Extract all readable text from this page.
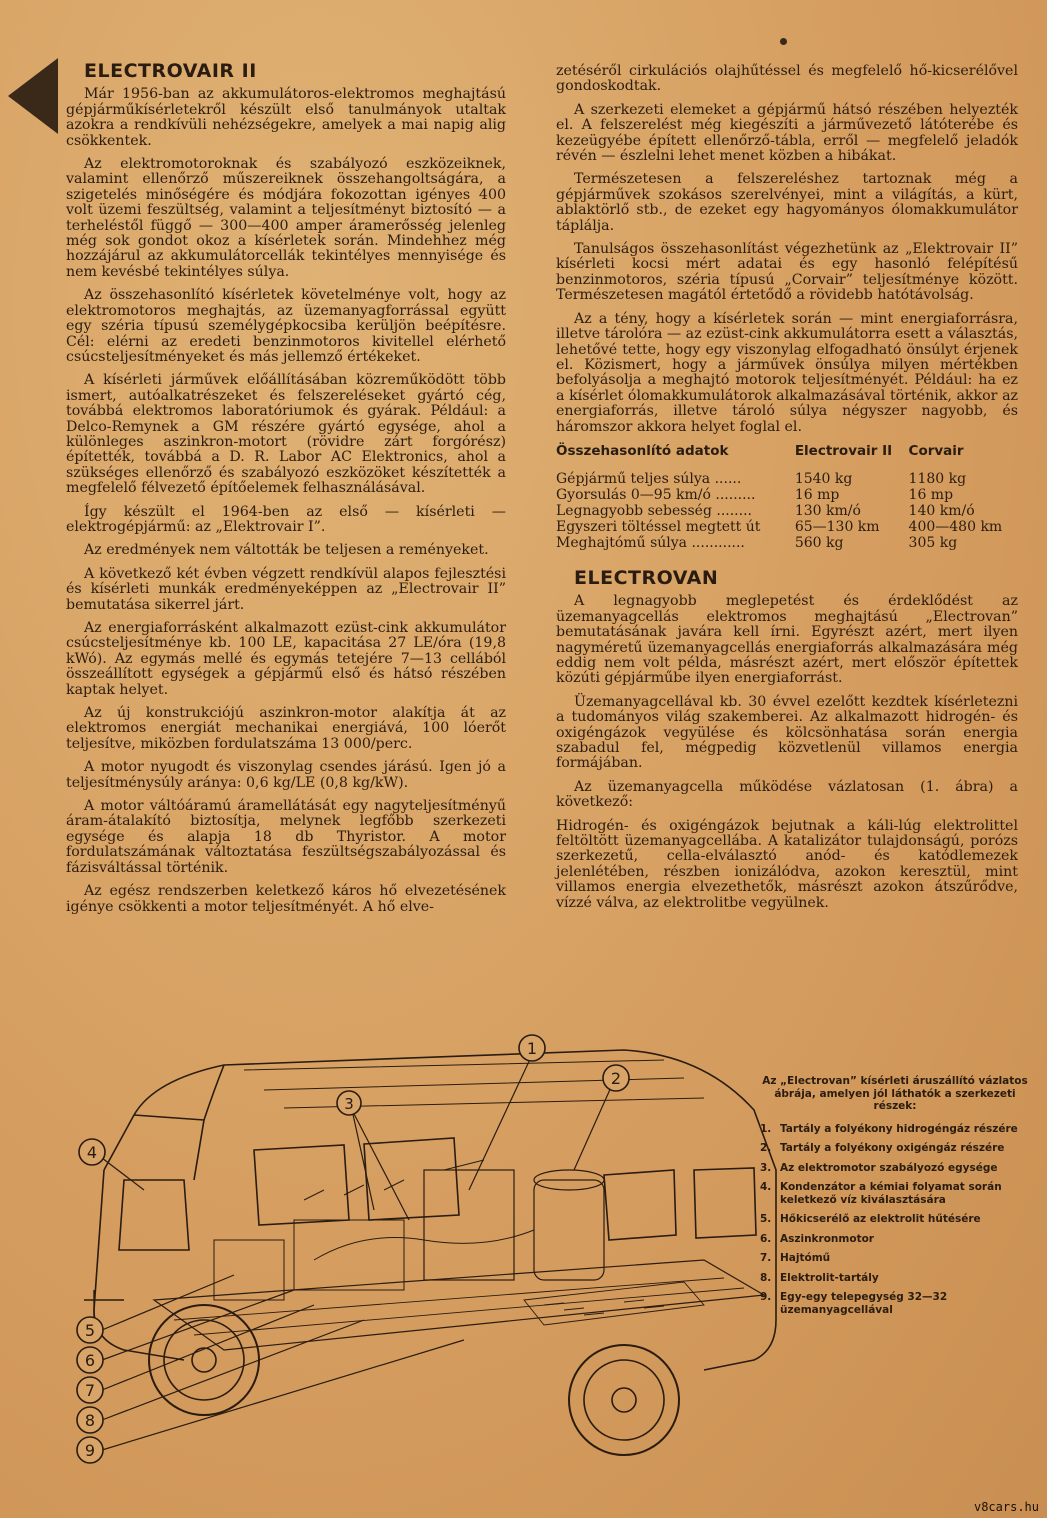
ELECTROVAIR II

Már 1956-ban az akkumulátoros-elektromos meghajtású gépjárműkísérletekről készült első tanulmányok utaltak azokra a rendkívüli nehézségekre, amelyek a mai napig alig csökkentek.

Az elektromotoroknak és szabályozó eszközeiknek, valamint ellenőrző műszereiknek összehangoltságára, a szigetelés minőségére és módjára fokozottan igényes 400 volt üzemi feszültség, valamint a teljesítményt biztosító — a terheléstől függő — 300—400 amper áramerősség jelenleg még sok gondot okoz a kísérletek során. Mindehhez még hozzájárul az akkumulátorcellák tekintélyes mennyisége és nem kevésbé tekintélyes súlya.

Az összehasonlító kísérletek követelménye volt, hogy az elektromotoros meghajtás, az üzemanyagforrással együtt egy széria típusú személygépkocsiba kerüljön beépítésre. Cél: elérni az eredeti benzinmotoros kivitellel elérhető csúcsteljesítményeket és más jellemző értékeket.

A kísérleti járművek előállításában közreműködött több ismert, autóalkatrészeket és felszereléseket gyártó cég, továbbá elektromos laboratóriumok és gyárak. Például: a Delco-Remynek a GM részére gyártó egysége, ahol a különleges aszinkron-motort (rövidre zárt forgórész) építették, továbbá a D. R. Labor AC Elektronics, ahol a szükséges ellenőrző és szabályozó eszközöket készítették a megfelelő félvezető építőelemek felhasználásával.

Így készült el 1964-ben az első — kísérleti — elektrogépjármű: az „Elektrovair I”.

Az eredmények nem váltották be teljesen a reményeket.

A következő két évben végzett rendkívül alapos fejlesztési és kísérleti munkák eredményeképpen az „Electrovair II” bemutatása sikerrel járt.

Az energiaforrásként alkalmazott ezüst-cink akkumulátor csúcsteljesítménye kb. 100 LE, kapacitása 27 LE/óra (19,8 kWó). Az egymás mellé és egymás tetejére 7—13 cellából összeállított egységek a gépjármű első és hátsó részében kaptak helyet.

Az új konstrukciójú aszinkron-motor alakítja át az elektromos energiát mechanikai energiává, 100 lóerőt teljesítve, miközben fordulatszáma 13 000/perc.

A motor nyugodt és viszonylag csendes járású. Igen jó a teljesítménysúly aránya: 0,6 kg/LE (0,8 kg/kW).

A motor váltóáramú áramellátását egy nagyteljesítményű áram-átalakító biztosítja, melynek legfőbb szerkezeti egysége és alapja 18 db Thyristor. A motor fordulatszámának változtatása feszültségszabályozással és fázisváltással történik.

Az egész rendszerben keletkező káros hő elvezetésének igénye csökkenti a motor teljesítményét. A hő elve-

zetéséről cirkulációs olajhűtéssel és megfelelő hő-kicserélővel gondoskodtak.

A szerkezeti elemeket a gépjármű hátsó részében helyezték el. A felszerelést még kiegészíti a járművezető látóterébe és kezeügyébe épített ellenőrző-tábla, erről — megfelelő jeladók révén — észlelni lehet menet közben a hibákat.

Természetesen a felszereléshez tartoznak még a gépjárművek szokásos szerelvényei, mint a világítás, a kürt, ablaktörlő stb., de ezeket egy hagyományos ólomakkumulátor táplálja.

Tanulságos összehasonlítást végezhetünk az „Elektrovair II” kísérleti kocsi mért adatai és egy hasonló felépítésű benzinmotoros, széria típusú „Corvair” teljesítménye között. Természetesen magától értetődő a rövidebb hatótávolság.

Az a tény, hogy a kísérletek során — mint energiaforrásra, illetve tárolóra — az ezüst-cink akkumulátorra esett a választás, lehetővé tette, hogy egy viszonylag elfogadható önsúlyt érjenek el. Közismert, hogy a járművek önsúlya milyen mértékben befolyásolja a meghajtó motorok teljesítményét. Például: ha ez a kísérlet ólomakkumulátorok alkalmazásával történik, akkor az energiaforrás, illetve tároló súlya négyszer nagyobb, és háromszor akkora helyet foglal el.

Összehasonlító adatok	Electrovair II	Corvair
Gépjármű teljes súlya ......	1540 kg	1180 kg
Gyorsulás 0—95 km/ó .........	16 mp	16 mp
Legnagyobb sebesség ........	130 km/ó	140 km/ó
Egyszeri töltéssel megtett út	65—130 km	400—480 km
Meghajtómű súlya ............	560 kg	305 kg

ELECTROVAN

A legnagyobb meglepetést és érdeklődést az üzemanyagcellás elektromos meghajtású „Electrovan” bemutatásának javára kell írni. Egyrészt azért, mert ilyen nagyméretű üzemanyagcellás energiaforrás alkalmazására még eddig nem volt példa, másrészt azért, mert először építettek közúti gépjárműbe ilyen energiaforrást.

Üzemanyagcellával kb. 30 évvel ezelőtt kezdtek kísérletezni a tudományos világ szakemberei. Az alkalmazott hidrogén- és oxigéngázok vegyülése és kölcsönhatása során energia szabadul fel, mégpedig közvetlenül villamos energia formájában.

Az üzemanyagcella működése vázlatosan (1. ábra) a következő:

Hidrogén- és oxigéngázok bejutnak a káli-lúg elektrolittel feltöltött üzemanyagcellába. A katalizátor tulajdonságú, porózs szerkezetű, cella-elválasztó anód- és katódlemezek jelenlétében, részben ionizálódva, azokon keresztül, mint villamos energia elvezethetők, másrészt azokon átszűrődve, vízzé válva, az elektrolitbe vegyülnek.

1
2
3
4
5
6
7
8
9
Az „Electrovan” kísérleti áruszállító vázlatos ábrája, amelyen jól láthatók a szerkezeti részek:
1. Tartály a folyékony hidrogéngáz részére
2. Tartály a folyékony oxigéngáz részére
3. Az elektromotor szabályozó egysége
4. Kondenzátor a kémiai folyamat során keletkező víz kiválasztására
5. Hőkicserélő az elektrolit hűtésére
6. Aszinkronmotor
7. Hajtómű
8. Elektrolit-tartály
9. Egy-egy telepegység 32—32 üzemanyagcellával
v8cars.hu
